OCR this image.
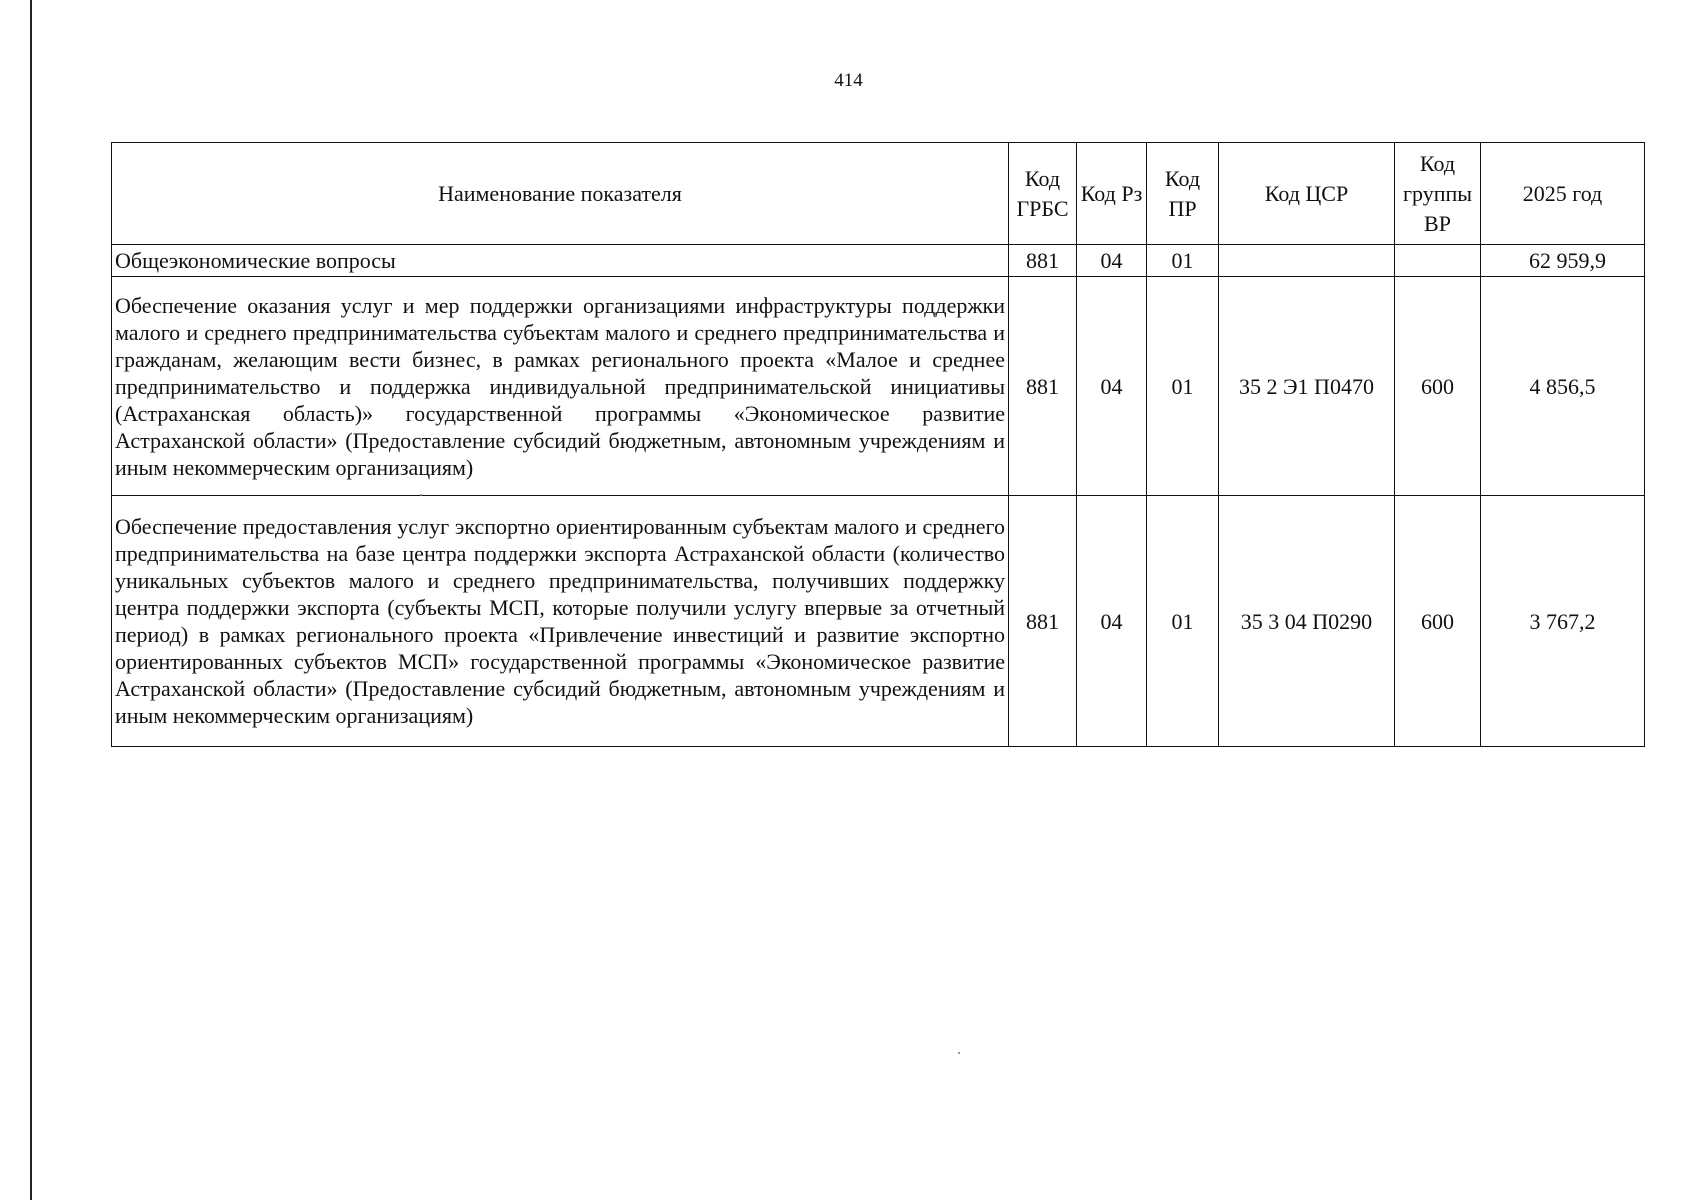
414
Наименование показателя	Код ГРБС	Код Рз	Код ПР	Код ЦСР	Код группы ВР	2025 год
Общеэкономические вопросы	881	04	01			62 959,9
Обеспечение оказания услуг и мер поддержки организациями инфраструктуры поддержки малого и среднего предпринимательства субъектам малого и среднего предпринимательства и гражданам, желающим вести бизнес, в рамках регионального проекта «Малое и среднее предпринимательство и поддержка индивидуальной предпринимательской инициативы (Астраханская область)» государственной программы «Экономическое развитие Астраханской области» (Предоставление субсидий бюджетным, автономным учреждениям и иным некоммерческим организациям)	881	04	01	35 2 Э1 П0470	600	4 856,5
Обеспечение предоставления услуг экспортно ориентированным субъектам малого и среднего предпринимательства на базе центра поддержки экспорта Астраханской области (количество уникальных субъектов малого и среднего предпринимательства, получивших поддержку центра поддержки экспорта (субъекты МСП, которые получили услугу впервые за отчетный период) в рамках регионального проекта «Привлечение инвестиций и развитие экспортно ориентированных субъектов МСП» государственной программы «Экономическое развитие Астраханской области» (Предоставление субсидий бюджетным, автономным учреждениям и иным некоммерческим организациям)	881	04	01	35 3 04 П0290	600	3 767,2
